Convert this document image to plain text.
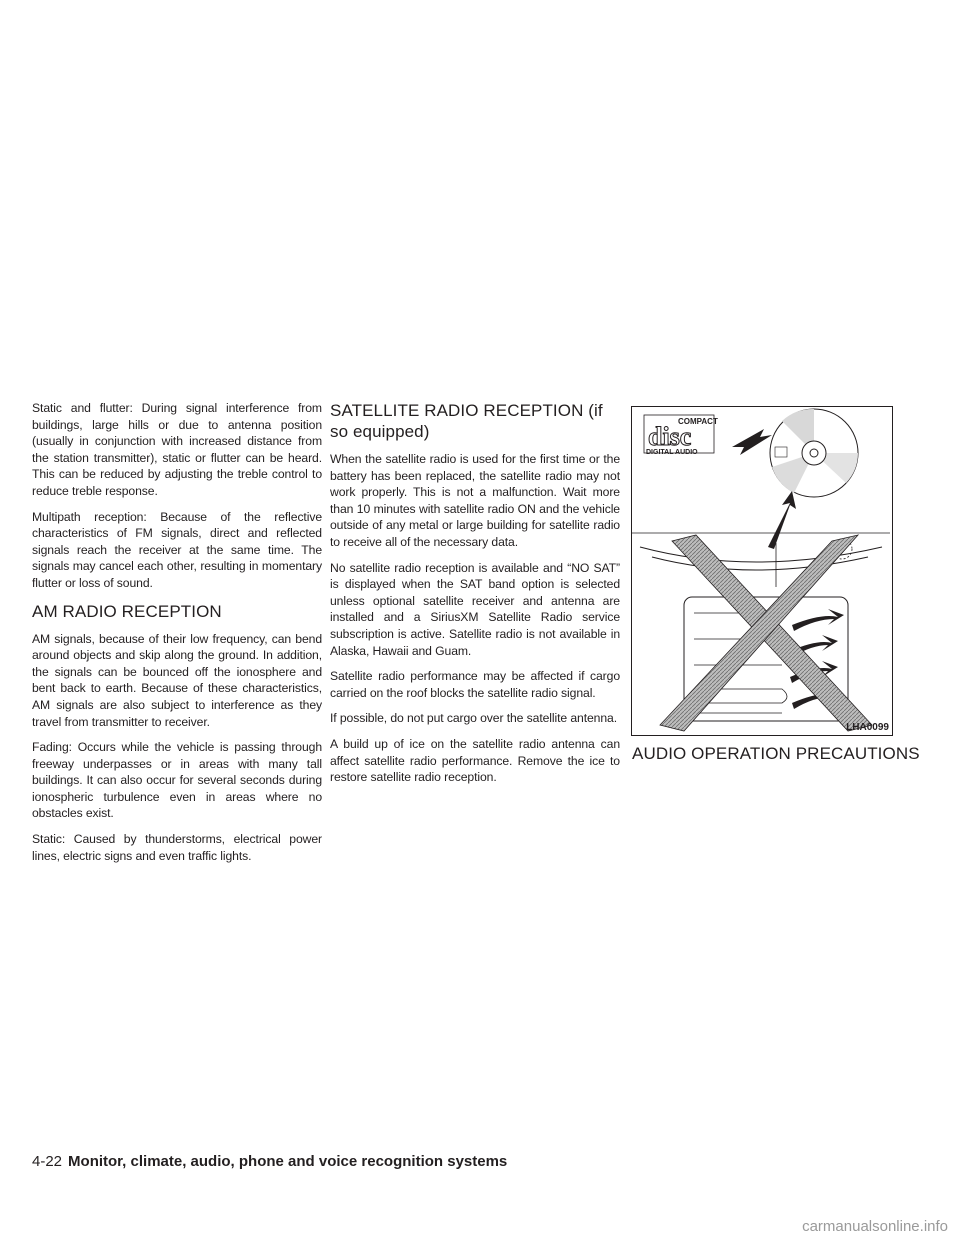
Static and flutter: During signal interference from buildings, large hills or due to antenna position (usually in conjunction with increased distance from the station transmitter), static or flutter can be heard. This can be reduced by adjusting the treble control to reduce treble response.

Multipath reception: Because of the reflective characteristics of FM signals, direct and reflected signals reach the receiver at the same time. The signals may cancel each other, resulting in momentary flutter or loss of sound.

AM RADIO RECEPTION

AM signals, because of their low frequency, can bend around objects and skip along the ground. In addition, the signals can be bounced off the ionosphere and bent back to earth. Because of these characteristics, AM signals are also subject to interference as they travel from transmitter to receiver.

Fading: Occurs while the vehicle is passing through freeway underpasses or in areas with many tall buildings. It can also occur for several seconds during ionospheric turbulence even in areas where no obstacles exist.

Static: Caused by thunderstorms, electrical power lines, electric signs and even traffic lights.

SATELLITE RADIO RECEPTION (if so equipped)

When the satellite radio is used for the first time or the battery has been replaced, the satellite radio may not work properly. This is not a malfunction. Wait more than 10 minutes with satellite radio ON and the vehicle outside of any metal or large building for satellite radio to receive all of the necessary data.

No satellite radio reception is available and “NO SAT” is displayed when the SAT band option is selected unless optional satellite receiver and antenna are installed and a SiriusXM Satellite Radio service subscription is active. Satellite radio is not available in Alaska, Hawaii and Guam.

Satellite radio performance may be affected if cargo carried on the roof blocks the satellite radio signal.

If possible, do not put cargo over the satellite antenna.

A build up of ice on the satellite radio antenna can affect satellite radio performance. Remove the ice to restore satellite radio reception.

COMPACT
disc
DIGITAL AUDIO
LHA0099
AUDIO OPERATION PRECAUTIONS
4-22 Monitor, climate, audio, phone and voice recognition systems
carmanualsonline.info
